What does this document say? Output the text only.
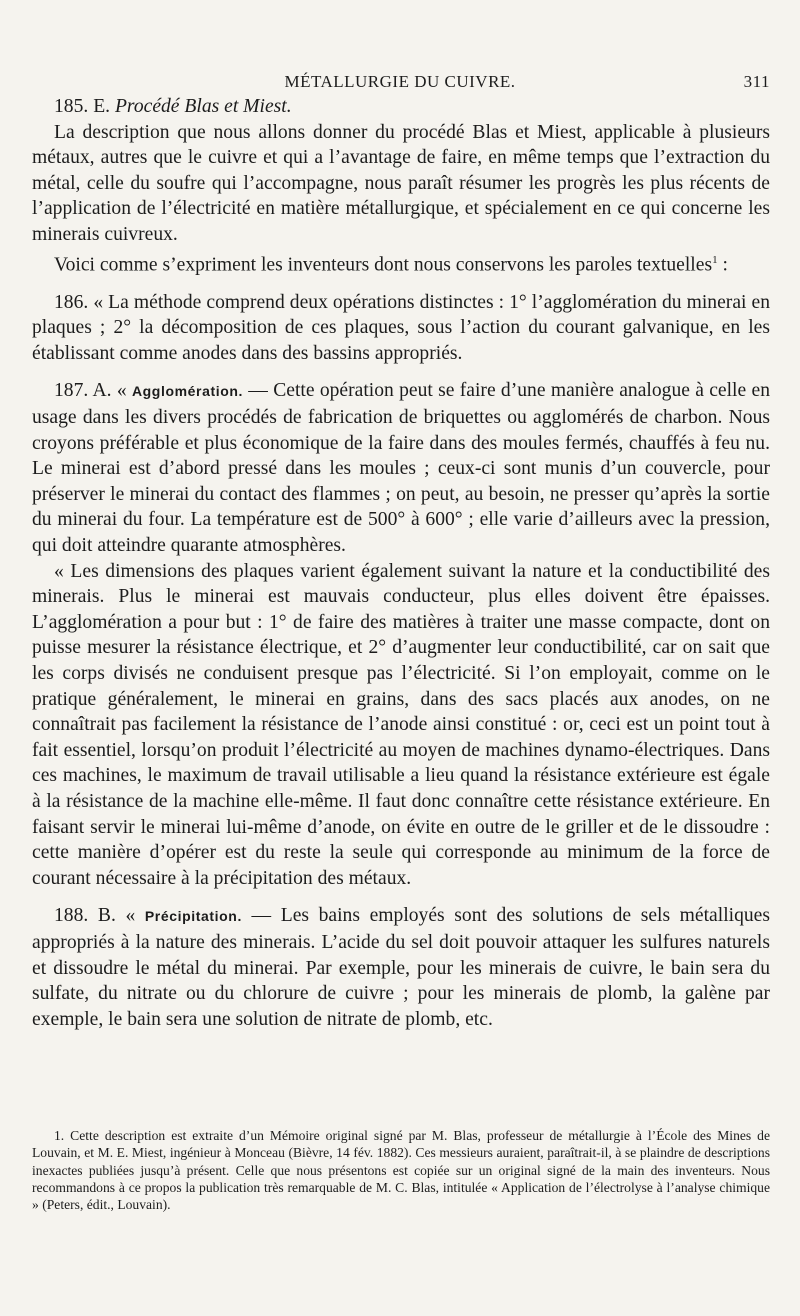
MÉTALLURGIE DU CUIVRE.	311

185. E. Procédé Blas et Miest.

La description que nous allons donner du procédé Blas et Miest, applicable à plusieurs métaux, autres que le cuivre et qui a l’avantage de faire, en même temps que l’extraction du métal, celle du soufre qui l’accompagne, nous paraît résumer les progrès les plus récents de l’application de l’électricité en matière métallurgique, et spécialement en ce qui concerne les minerais cuivreux.

Voici comme s’expriment les inventeurs dont nous conservons les paroles textuelles$^1$ :

186. « La méthode comprend deux opérations distinctes : 1° l’agglomération du minerai en plaques ; 2° la décomposition de ces plaques, sous l’action du courant galvanique, en les établissant comme anodes dans des bassins appropriés.

187. A. « Agglomération. — Cette opération peut se faire d’une manière analogue à celle en usage dans les divers procédés de fabrication de briquettes ou agglomérés de charbon. Nous croyons préférable et plus économique de la faire dans des moules fermés, chauffés à feu nu. Le minerai est d’abord pressé dans les moules ; ceux-ci sont munis d’un couvercle, pour préserver le minerai du contact des flammes ; on peut, au besoin, ne presser qu’après la sortie du minerai du four. La température est de 500° à 600° ; elle varie d’ailleurs avec la pression, qui doit atteindre quarante atmosphères.

« Les dimensions des plaques varient également suivant la nature et la conductibilité des minerais. Plus le minerai est mauvais conducteur, plus elles doivent être épaisses. L’agglomération a pour but : 1° de faire des matières à traiter une masse compacte, dont on puisse mesurer la résistance électrique, et 2° d’augmenter leur conductibilité, car on sait que les corps divisés ne conduisent presque pas l’électricité. Si l’on employait, comme on le pratique généralement, le minerai en grains, dans des sacs placés aux anodes, on ne connaîtrait pas facilement la résistance de l’anode ainsi constitué : or, ceci est un point tout à fait essentiel, lorsqu’on produit l’électricité au moyen de machines dynamo-électriques. Dans ces machines, le maximum de travail utilisable a lieu quand la résistance extérieure est égale à la résistance de la machine elle-même. Il faut donc connaître cette résistance extérieure. En faisant servir le minerai lui-même d’anode, on évite en outre de le griller et de le dissoudre : cette manière d’opérer est du reste la seule qui corresponde au minimum de la force de courant nécessaire à la précipitation des métaux.

188. B. « Précipitation. — Les bains employés sont des solutions de sels métalliques appropriés à la nature des minerais. L’acide du sel doit pouvoir attaquer les sulfures naturels et dissoudre le métal du minerai. Par exemple, pour les minerais de cuivre, le bain sera du sulfate, du nitrate ou du chlorure de cuivre ; pour les minerais de plomb, la galène par exemple, le bain sera une solution de nitrate de plomb, etc.

1. Cette description est extraite d’un Mémoire original signé par M. Blas, professeur de métallurgie à l’École des Mines de Louvain, et M. E. Miest, ingénieur à Monceau (Bièvre, 14 fév. 1882). Ces messieurs auraient, paraîtrait-il, à se plaindre de descriptions inexactes publiées jusqu’à présent. Celle que nous présentons est copiée sur un original signé de la main des inventeurs. Nous recommandons à ce propos la publication très remarquable de M. C. Blas, intitulée « Application de l’électrolyse à l’analyse chimique » (Peters, édit., Louvain).
